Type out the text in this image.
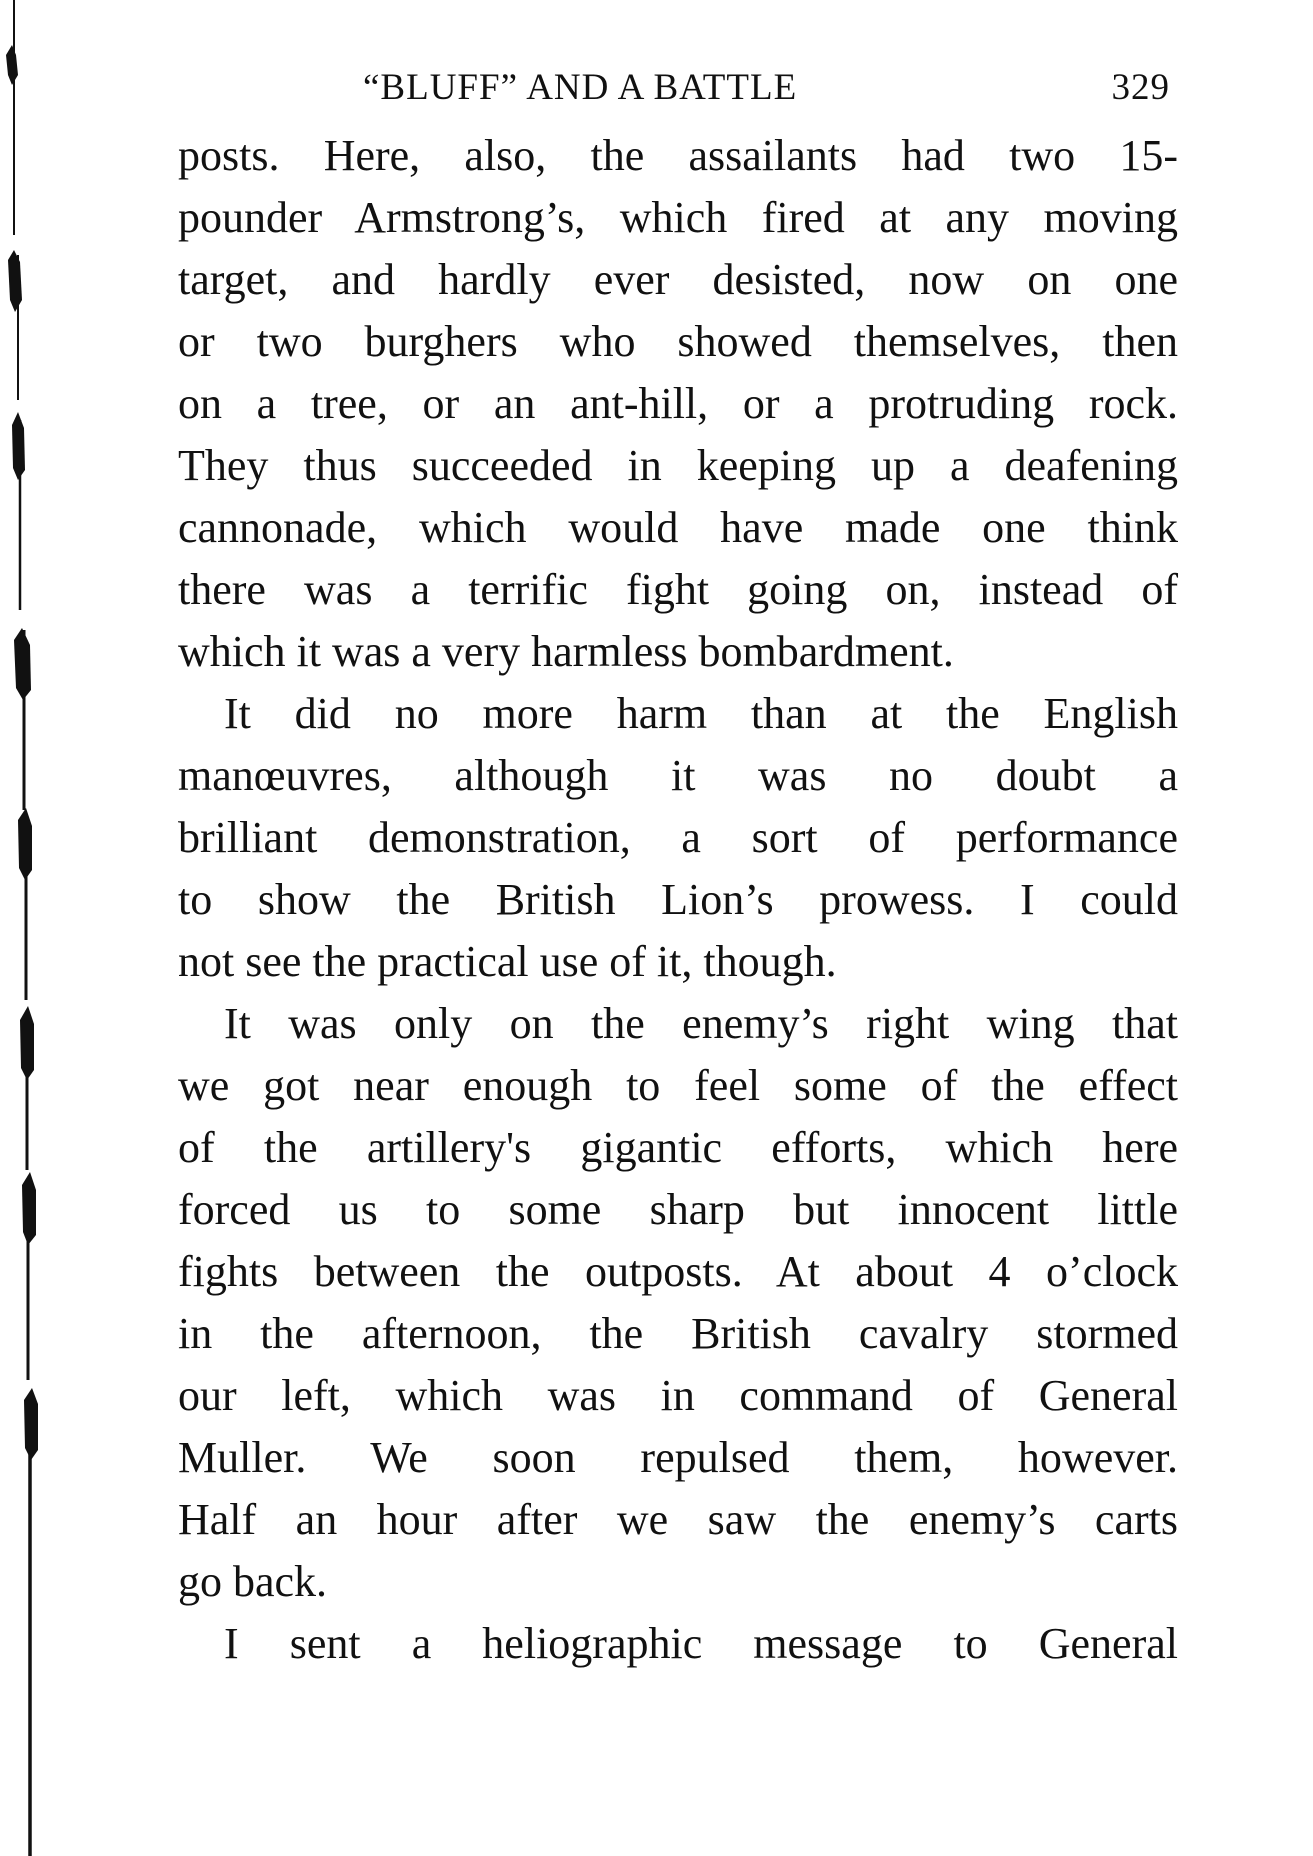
“BLUFF” AND A BATTLE	329
posts. Here, also, the assailants had two 15-
pounder Armstrong’s, which fired at any moving
target, and hardly ever desisted, now on one
or two burghers who showed themselves, then
on a tree, or an ant-hill, or a protruding rock.
They thus succeeded in keeping up a deafening
cannonade, which would have made one think
there was a terrific fight going on, instead of
which it was a very harmless bombardment.
It did no more harm than at the English
manœuvres, although it was no doubt a
brilliant demonstration, a sort of performance
to show the British Lion’s prowess. I could
not see the practical use of it, though.
It was only on the enemy’s right wing that
we got near enough to feel some of the effect
of the artillery's gigantic efforts, which here
forced us to some sharp but innocent little
fights between the outposts. At about 4 o’clock
in the afternoon, the British cavalry stormed
our left, which was in command of General
Muller. We soon repulsed them, however.
Half an hour after we saw the enemy’s carts
go back.
I sent a heliographic message to General
